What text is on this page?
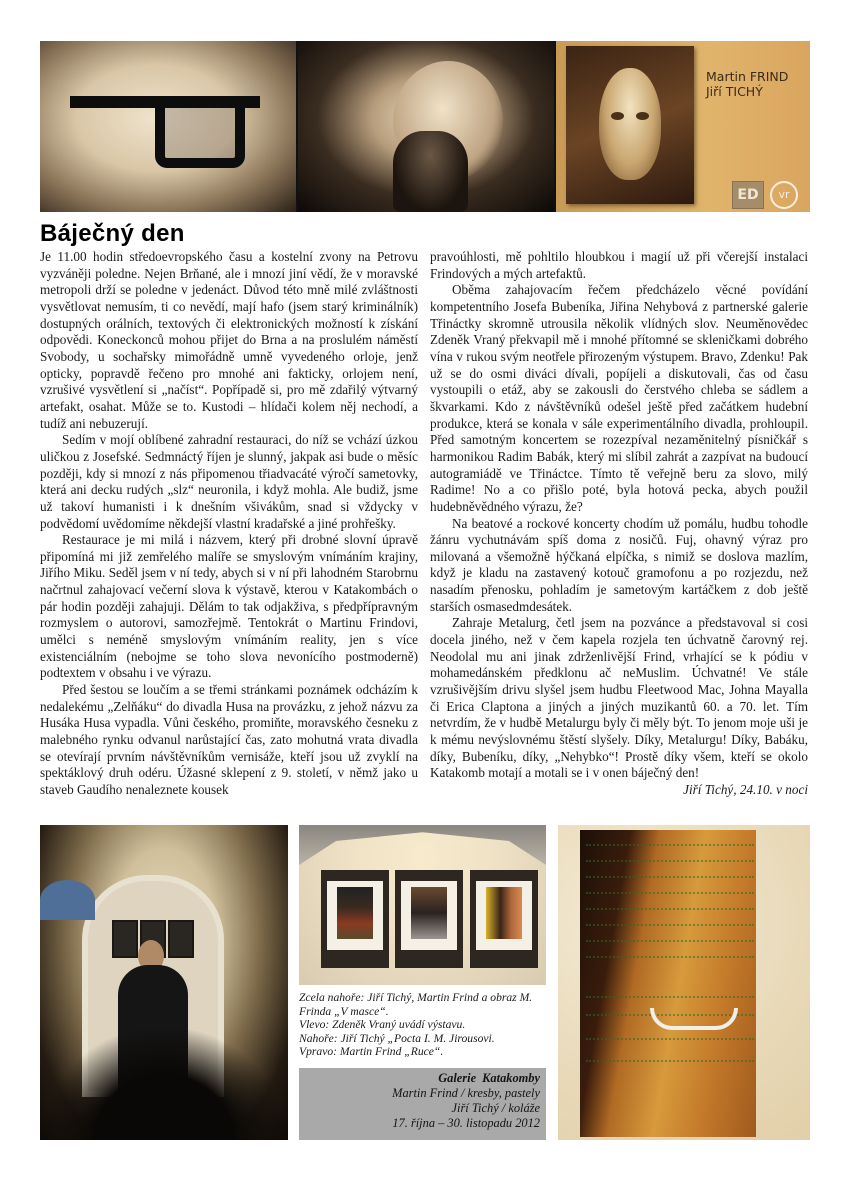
Martin FRIND
Jiří TICHÝ
ED	vr
Báječný den

Je 11.00 hodin středoevropského času a kostelní zvony na Petrovu vyzváněji poledne. Nejen Brňané, ale i mnozí jiní vědí, že v moravské metropoli drží se poledne v jedenáct. Důvod této mně milé zvláštnosti vysvětlovat nemusím, ti co nevědí, mají hafo (jsem starý kriminálník) dostupných orálních, textových či elektronických možností k získání odpovědi. Koneckonců mohou přijet do Brna a na proslulém náměstí Svobody, u sochařsky mimořádně umně vyvedeného orloje, jenž opticky, popravdě řečeno pro mnohé ani fakticky, orlojem není, vzrušivé vysvětlení si „načíst“. Popřípadě si, pro mě zdařilý výtvarný artefakt, osahat. Může se to. Kustodi – hlídači kolem něj nechodí, a tudíž ani nebuzerují.

Sedím v mojí oblíbené zahradní restauraci, do níž se vchází úzkou uličkou z Josefské. Sedmnáctý říjen je slunný, jakpak asi bude o měsíc později, kdy si mnozí z nás připomenou třiadvacáté výročí sametovky, která ani decku rudých „slz“ neuronila, i když mohla. Ale budiž, jsme už takoví humanisti i k dnešním všivákům, snad si vždycky v podvědomí uvědomíme někdejší vlastní kradařské a jiné prohřešky.

Restaurace je mi milá i názvem, který při drobné slovní úpravě připomíná mi již zemřelého malíře se smyslovým vnímáním krajiny, Jiřího Miku. Seděl jsem v ní tedy, abych si v ní při lahodném Starobrnu načrtnul zahajovací večerní slova k výstavě, kterou v Katakombách o pár hodin později zahajuji. Dělám to tak odjakživa, s předpřípravným rozmyslem o autorovi, samozřejmě. Tentokrát o Martinu Frindovi, umělci s neméně smyslovým vnímáním reality, jen s více existenciálním (nebojme se toho slova nevonícího postmoderně) podtextem v obsahu i ve výrazu.

Před šestou se loučím a se třemi stránkami poznámek odcházím k nedalekému „Zelňáku“ do divadla Husa na provázku, z jehož názvu za Husáka Husa vypadla. Vůni českého, promiňte, moravského česneku z malebného rynku odvanul narůstající čas, zato mohutná vrata divadla se otevírají prvním návštěvníkům vernisáže, kteří jsou už zvyklí na spektáklový druh odéru. Úžasné sklepení z 9. století, v němž jako u staveb Gaudího nenaleznete kousek

pravoúhlosti, mě pohltilo hloubkou i magií už při včerejší instalaci Frindových a mých artefaktů.

Oběma zahajovacím řečem předcházelo věcné povídání kompetentního Josefa Bubeníka, Jiřina Nehybová z partnerské galerie Třináctky skromně utrousila několik vlídných slov. Neuměnovědec Zdeněk Vraný překvapil mě i mnohé přítomné se skleničkami dobrého vína v rukou svým neotřele přirozeným výstupem. Bravo, Zdenku! Pak už se do osmi diváci dívali, popíjeli a diskutovali, čas od času vystoupili o etáž, aby se zakousli do čerstvého chleba se sádlem a škvarkami. Kdo z návštěvníků odešel ještě před začátkem hudební produkce, která se konala v sále experimentálního divadla, prohloupil. Před samotným koncertem se rozezpíval nezaměnitelný písničkář s harmonikou Radim Babák, který mi slíbil zahrát a zazpívat na budoucí autogramiádě ve Třináctce. Tímto tě veřejně beru za slovo, milý Radime! No a co přišlo poté, byla hotová pecka, abych použil hudebněvědného výrazu, že?

Na beatové a rockové koncerty chodím už pomálu, hudbu tohodle žánru vychutnávám spíš doma z nosičů. Fuj, ohavný výraz pro milovaná a všemožně hýčkaná elpíčka, s nimiž se doslova mazlím, když je kladu na zastavený kotouč gramofonu a po rozjezdu, než nasadím přenosku, pohladím je sametovým kartáčkem z dob ještě starších osmasedmdesátek.

Zahraje Metalurg, četl jsem na pozvánce a představoval si cosi docela jiného, než v čem kapela rozjela ten úchvatně čarovný rej. Neodolal mu ani jinak zdrženlivější Frind, vrhající se k pódiu v mohamedánském předklonu ač neMuslim. Úchvatné! Ve stále vzrušivějším drivu slyšel jsem hudbu Fleetwood Mac, Johna Mayalla či Erica Claptona a jiných a jiných muzikantů 60. a 70. let. Tím netvrdím, že v hudbě Metalurgu byly či měly být. To jenom moje uši je k mému nevýslovnému štěstí slyšely. Díky, Metalurgu! Díky, Babáku, díky, Bubeníku, díky, „Nehybko“! Prostě díky všem, kteří se okolo Katakomb motají a motali se i v onen báječný den!

Jiří Tichý, 24.10. v noci

Zcela nahoře: Jiří Tichý, Martin Frind a obraz M. Frinda „V masce“.
Vlevo: Zdeněk Vraný uvádí výstavu.
Nahoře: Jiří Tichý „Pocta I. M. Jirousovi.
Vpravo: Martin Frind „Ruce“.
Galerie Katakomby
Martin Frind / kresby, pastely
Jiří Tichý / koláže
17. října – 30. listopadu 2012
